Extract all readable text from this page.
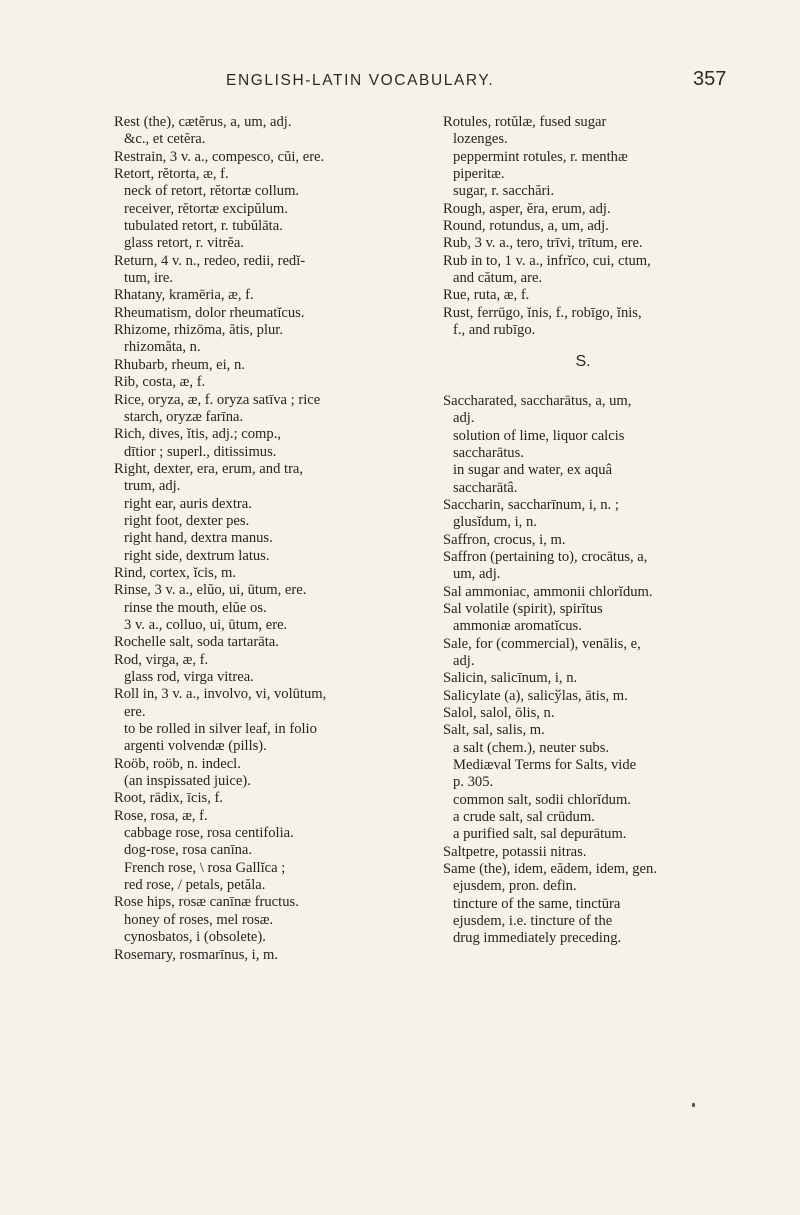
ENGLISH-LATIN VOCABULARY.	357
Rest (the), cætĕrus, a, um, adj.
&c., et cetĕra.
Restrain, 3 v. a., compesco, cŭi, ere.
Retort, rĕtorta, æ, f.
neck of retort, rĕtortæ collum.
receiver, rĕtortæ excipŭlum.
tubulated retort, r. tubŭlāta.
glass retort, r. vitrĕa.
Return, 4 v. n., redeo, redii, redĭ-
tum, ire.
Rhatany, kramēria, æ, f.
Rheumatism, dolor rheumatĭcus.
Rhizome, rhizōma, ătis, plur.
rhizomăta, n.
Rhubarb, rheum, ei, n.
Rib, costa, æ, f.
Rice, oryza, æ, f. oryza satīva ; rice
starch, oryzæ farīna.
Rich, dives, ĭtis, adj.; comp.,
dītior ; superl., ditissimus.
Right, dexter, era, erum, and tra,
trum, adj.
right ear, auris dextra.
right foot, dexter pes.
right hand, dextra manus.
right side, dextrum latus.
Rind, cortex, ĭcis, m.
Rinse, 3 v. a., elŭo, ui, ūtum, ere.
rinse the mouth, elŭe os.
3 v. a., colluo, ui, ūtum, ere.
Rochelle salt, soda tartarāta.
Rod, virga, æ, f.
glass rod, virga vitrea.
Roll in, 3 v. a., involvo, vi, volūtum,
ere.
to be rolled in silver leaf, in folio
argenti volvendæ (pills).
Roöb, roöb, n. indecl.
(an inspissated juice).
Root, rādix, īcis, f.
Rose, rosa, æ, f.
cabbage rose, rosa centifolia.
dog-rose, rosa canīna.
French rose, \ rosa Gallĭca ;
red rose, / petals, petăla.
Rose hips, rosæ canīnæ fructus.
honey of roses, mel rosæ.
cynosbatos, i (obsolete).
Rosemary, rosmarīnus, i, m.
Rotules, rotŭlæ, fused sugar
lozenges.
peppermint rotules, r. menthæ
piperitæ.
sugar, r. sacchări.
Rough, asper, ĕra, erum, adj.
Round, rotundus, a, um, adj.
Rub, 3 v. a., tero, trīvi, trītum, ere.
Rub in to, 1 v. a., infrĭco, cui, ctum,
and cătum, are.
Rue, ruta, æ, f.
Rust, ferrūgo, ĭnis, f., robīgo, ĭnis,
f., and rubīgo.
S.
Saccharated, saccharātus, a, um,
adj.
solution of lime, liquor calcis
saccharātus.
in sugar and water, ex aquâ
saccharātâ.
Saccharin, saccharīnum, i, n. ;
glusĭdum, i, n.
Saffron, crocus, i, m.
Saffron (pertaining to), crocātus, a,
um, adj.
Sal ammoniac, ammonii chlorĭdum.
Sal volatile (spirit), spirĭtus
ammoniæ aromatĭcus.
Sale, for (commercial), venālis, e,
adj.
Salicin, salicīnum, i, n.
Salicylate (a), salicўlas, ātis, m.
Salol, salol, ōlis, n.
Salt, sal, salis, m.
a salt (chem.), neuter subs.
Mediæval Terms for Salts, vide
p. 305.
common salt, sodii chlorĭdum.
a crude salt, sal crūdum.
a purified salt, sal depurātum.
Saltpetre, potassii nitras.
Same (the), idem, eădem, idem, gen.
ejusdem, pron. defin.
tincture of the same, tinctūra
ejusdem, i.e. tincture of the
drug immediately preceding.
